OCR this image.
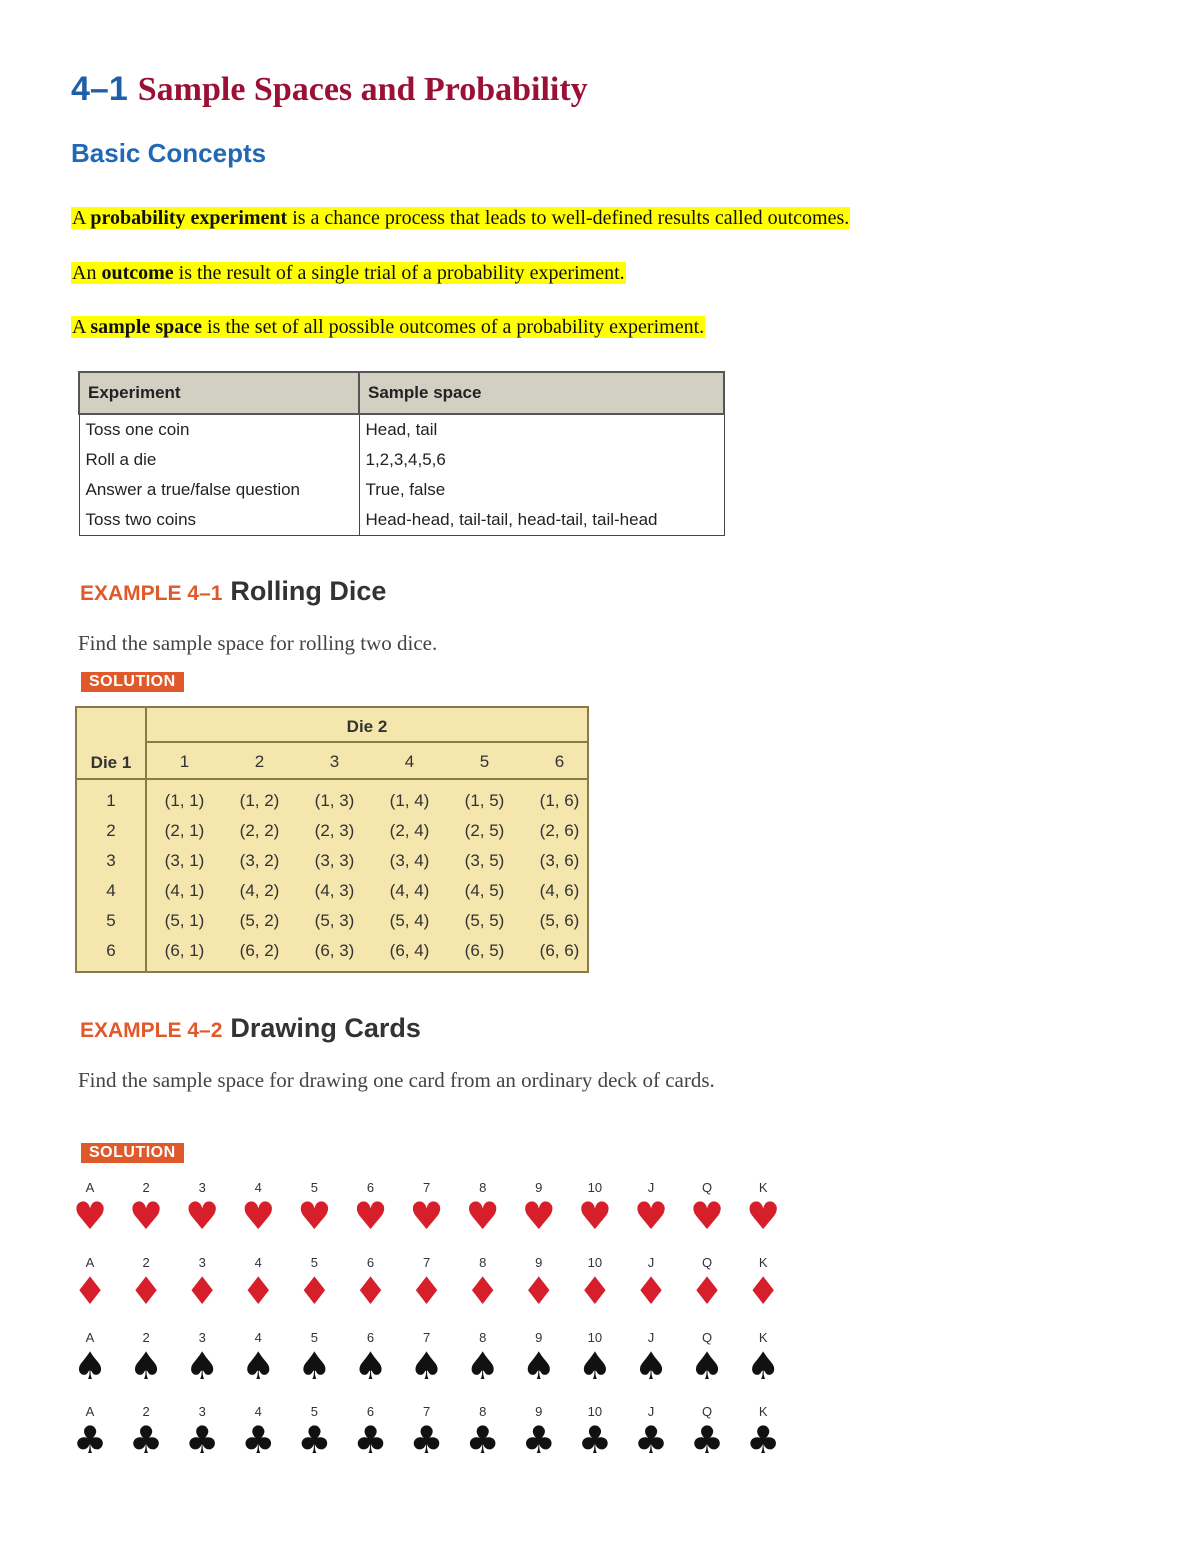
4–1 Sample Spaces and Probability
Basic Concepts
A probability experiment is a chance process that leads to well-defined results called outcomes.
An outcome is the result of a single trial of a probability experiment.
A sample space is the set of all possible outcomes of a probability experiment.
Experiment	Sample space
Toss one coin	Head, tail
Roll a die	1,2,3,4,5,6
Answer a true/false question	True, false
Toss two coins	Head-head, tail-tail, head-tail, tail-head
EXAMPLE 4–1 Rolling Dice
Find the sample space for rolling two dice.
SOLUTION
Die 2
Die 1	1	2	3	4	5	6
1	(1, 1)	(1, 2)	(1, 3)	(1, 4)	(1, 5)	(1, 6)
2	(2, 1)	(2, 2)	(2, 3)	(2, 4)	(2, 5)	(2, 6)
3	(3, 1)	(3, 2)	(3, 3)	(3, 4)	(3, 5)	(3, 6)
4	(4, 1)	(4, 2)	(4, 3)	(4, 4)	(4, 5)	(4, 6)
5	(5, 1)	(5, 2)	(5, 3)	(5, 4)	(5, 5)	(5, 6)
6	(6, 1)	(6, 2)	(6, 3)	(6, 4)	(6, 5)	(6, 6)
EXAMPLE 4–2 Drawing Cards
Find the sample space for drawing one card from an ordinary deck of cards.
SOLUTION
A
♥
2
♥
3
♥
4
♥
5
♥
6
♥
7
♥
8
♥
9
♥
10
♥
J
♥
Q
♥
K
♥
A
♦
2
♦
3
♦
4
♦
5
♦
6
♦
7
♦
8
♦
9
♦
10
♦
J
♦
Q
♦
K
♦
A
♠
2
♠
3
♠
4
♠
5
♠
6
♠
7
♠
8
♠
9
♠
10
♠
J
♠
Q
♠
K
♠
A
♣
2
♣
3
♣
4
♣
5
♣
6
♣
7
♣
8
♣
9
♣
10
♣
J
♣
Q
♣
K
♣
